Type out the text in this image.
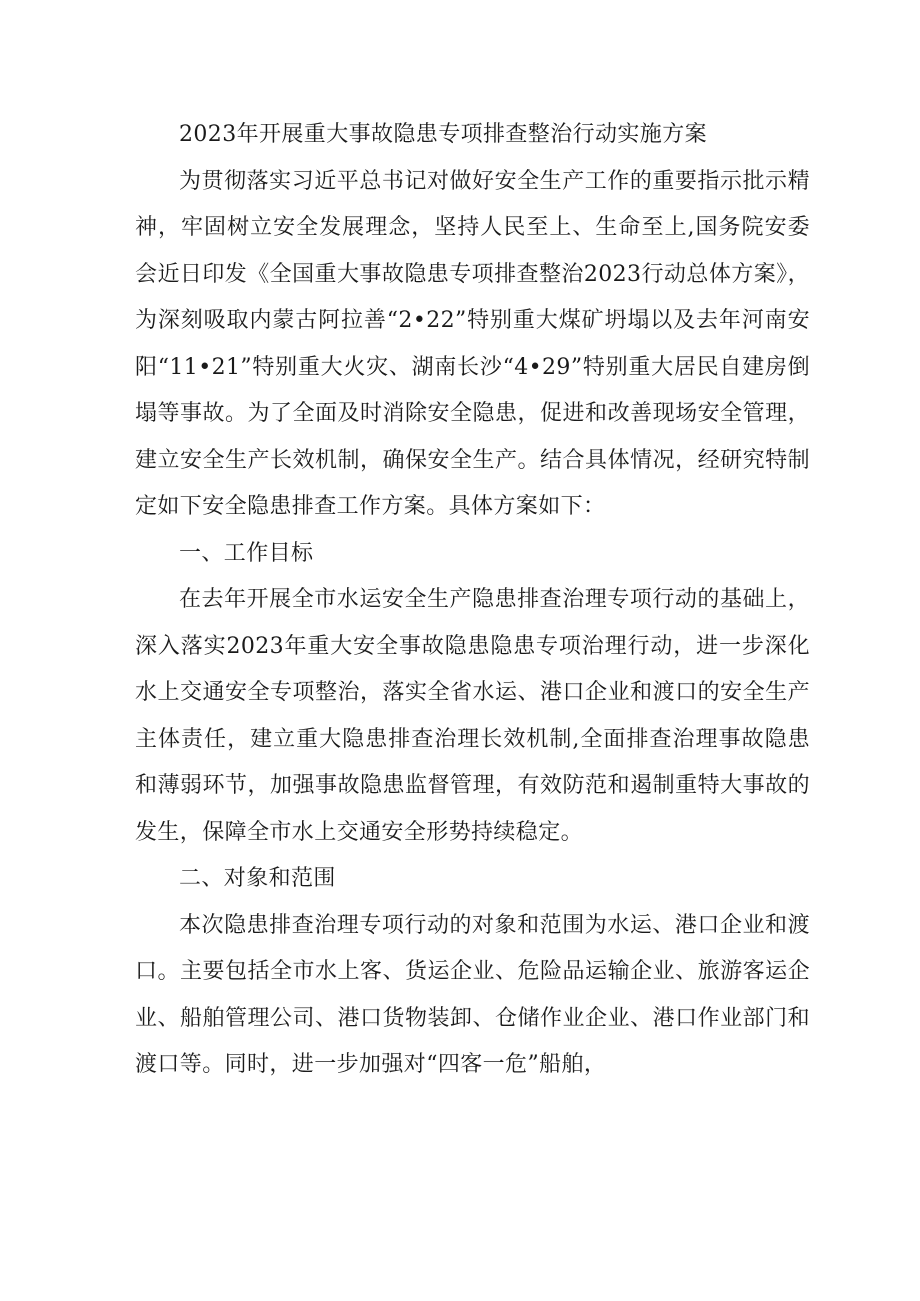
2023年开展重大事故隐患专项排查整治行动实施方案

为贯彻落实习近平总书记对做好安全生产工作的重要指示批示精神，牢固树立安全发展理念，坚持人民至上、生命至上,国务院安委会近日印发《全国重大事故隐患专项排查整治2023行动总体方案》，为深刻吸取内蒙古阿拉善“2•22”特别重大煤矿坍塌以及去年河南安阳“11•21”特别重大火灾、湖南长沙“4•29”特别重大居民自建房倒塌等事故。为了全面及时消除安全隐患，促进和改善现场安全管理，建立安全生产长效机制，确保安全生产。结合具体情况，经研究特制定如下安全隐患排查工作方案。具体方案如下：

一、工作目标

在去年开展全市水运安全生产隐患排查治理专项行动的基础上，深入落实2023年重大安全事故隐患隐患专项治理行动，进一步深化水上交通安全专项整治，落实全省水运、港口企业和渡口的安全生产主体责任，建立重大隐患排查治理长效机制,全面排查治理事故隐患和薄弱环节，加强事故隐患监督管理，有效防范和遏制重特大事故的发生，保障全市水上交通安全形势持续稳定。

二、对象和范围

本次隐患排查治理专项行动的对象和范围为水运、港口企业和渡口。主要包括全市水上客、货运企业、危险品运输企业、旅游客运企业、船舶管理公司、港口货物装卸、仓储作业企业、港口作业部门和渡口等。同时，进一步加强对“四客一危”船舶，
